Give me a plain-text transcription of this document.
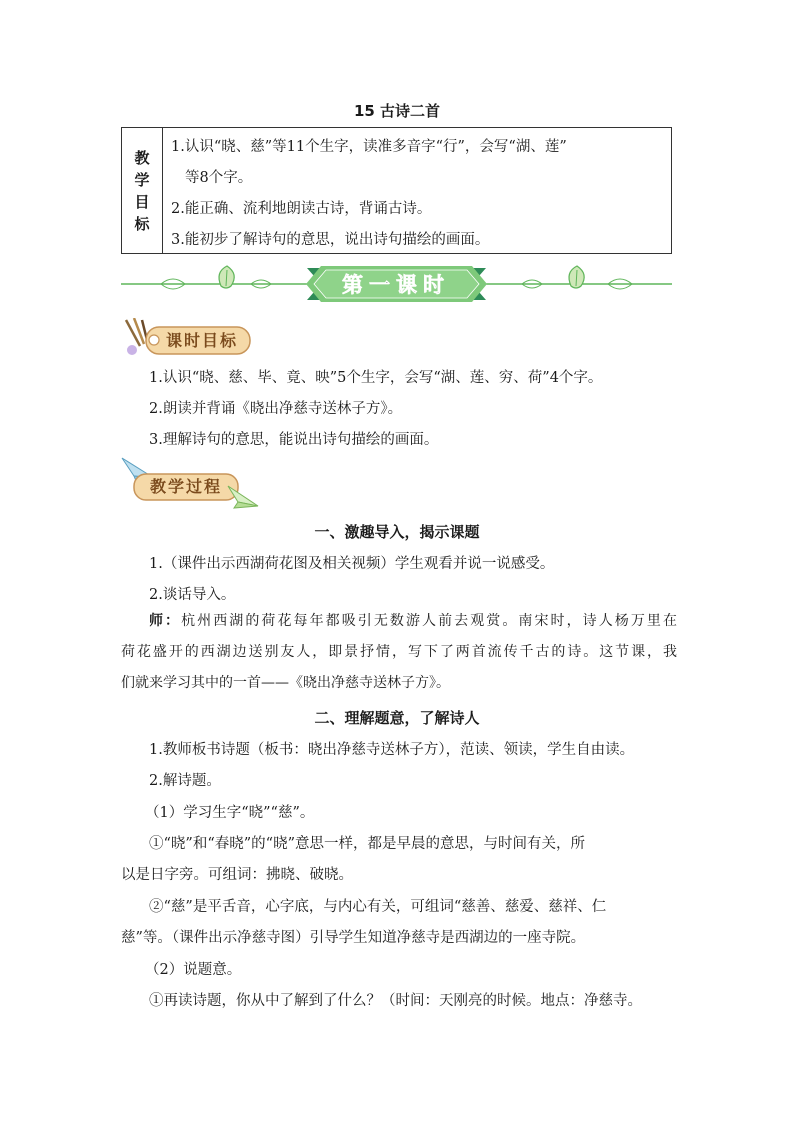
15 古诗二首
教
学
目
标
1.认识“晓、慈”等11个生字，读准多音字“行”，会写“湖、莲”
等8个字。
2.能正确、流利地朗读古诗，背诵古诗。
3.能初步了解诗句的意思，说出诗句描绘的画面。
第一课时
课时目标
1.认识“晓、慈、毕、竟、映”5个生字，会写“湖、莲、穷、荷”4个字。
2.朗读并背诵《晓出净慈寺送林子方》。
3.理解诗句的意思，能说出诗句描绘的画面。
教学过程
一、激趣导入，揭示课题
1.（课件出示西湖荷花图及相关视频）学生观看并说一说感受。
2.谈话导入。
师：杭州西湖的荷花每年都吸引无数游人前去观赏。南宋时，诗人杨万里在
荷花盛开的西湖边送别友人，即景抒情，写下了两首流传千古的诗。这节课，我
们就来学习其中的一首——《晓出净慈寺送林子方》。
二、理解题意，了解诗人
1.教师板书诗题（板书：晓出净慈寺送林子方），范读、领读，学生自由读。
2.解诗题。
（1）学习生字“晓”“慈”。
①“晓”和“春晓”的“晓”意思一样，都是早晨的意思，与时间有关，所
以是日字旁。可组词：拂晓、破晓。
②“慈”是平舌音，心字底，与内心有关，可组词“慈善、慈爱、慈祥、仁
慈”等。（课件出示净慈寺图）引导学生知道净慈寺是西湖边的一座寺院。
（2）说题意。
①再读诗题，你从中了解到了什么？（时间：天刚亮的时候。地点：净慈寺。
